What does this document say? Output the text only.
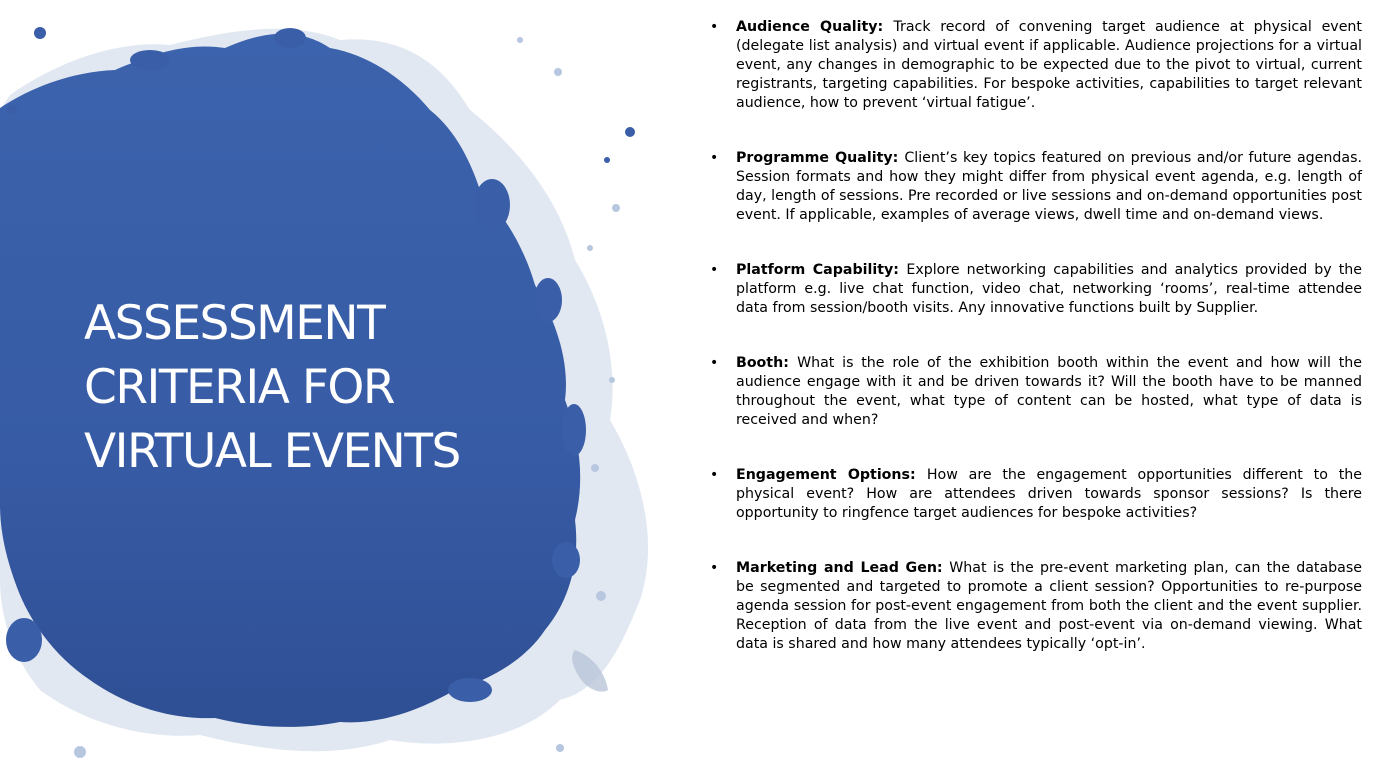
ASSESSMENT
CRITERIA FOR
VIRTUAL EVENTS
• Audience Quality: Track record of convening target audience at physical event (delegate list analysis) and virtual event if applicable. Audience projections for a virtual event, any changes in demographic to be expected due to the pivot to virtual, current registrants, targeting capabilities. For bespoke activities, capabilities to target relevant audience, how to prevent ‘virtual fatigue’.
• Programme Quality: Client’s key topics featured on previous and/or future agendas. Session formats and how they might differ from physical event agenda, e.g. length of day, length of sessions. Pre recorded or live sessions and on-demand opportunities post event. If applicable, examples of average views, dwell time and on-demand views.
• Platform Capability: Explore networking capabilities and analytics provided by the platform e.g. live chat function, video chat, networking ‘rooms’, real-time attendee data from session/booth visits. Any innovative functions built by Supplier.
• Booth: What is the role of the exhibition booth within the event and how will the audience engage with it and be driven towards it? Will the booth have to be manned throughout the event, what type of content can be hosted, what type of data is received and when?
• Engagement Options: How are the engagement opportunities different to the physical event? How are attendees driven towards sponsor sessions? Is there opportunity to ringfence target audiences for bespoke activities?
• Marketing and Lead Gen: What is the pre-event marketing plan, can the database be segmented and targeted to promote a client session? Opportunities to re-purpose agenda session for post-event engagement from both the client and the event supplier. Reception of data from the live event and post-event via on-demand viewing. What data is shared and how many attendees typically ‘opt-in’.
